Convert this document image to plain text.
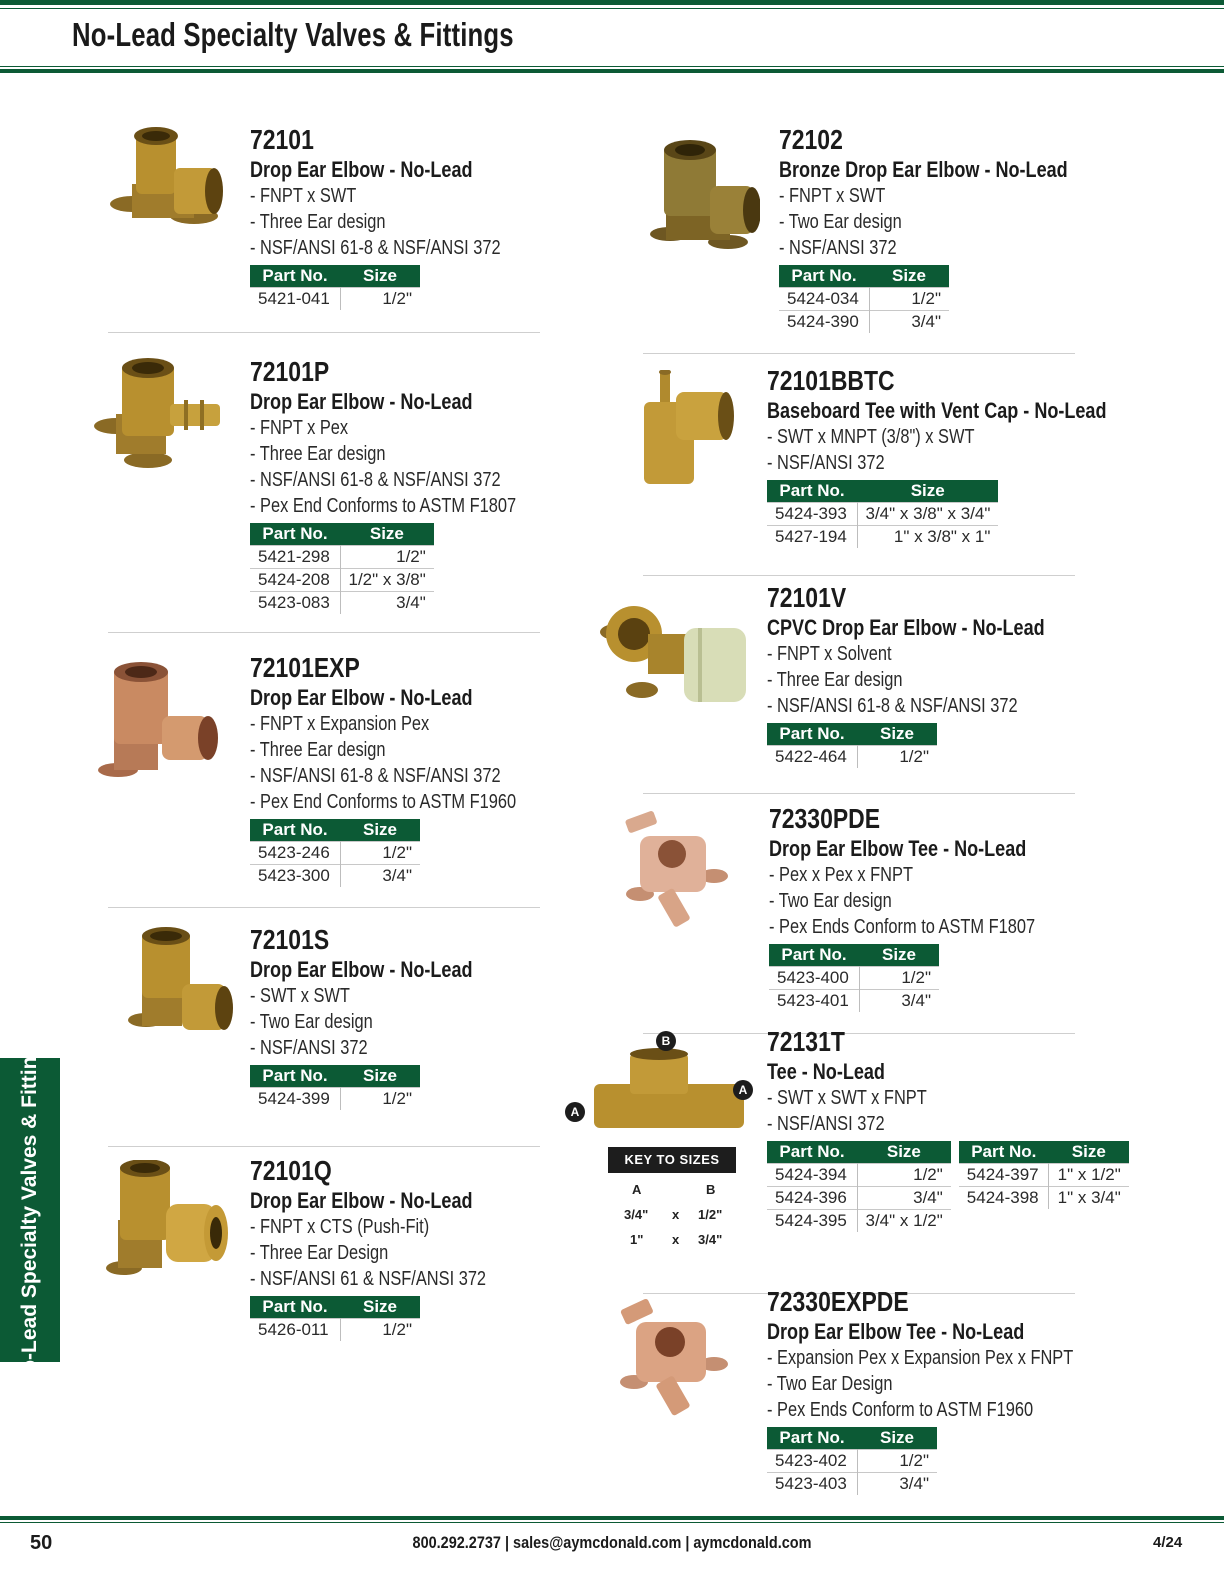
No-Lead Specialty Valves & Fittings
No-Lead Specialty Valves & Fittings	B
A
A
KEY TO SIZES
A	B
3/4" x 1/2"
1" x 3/4"
72101
Drop Ear Elbow - No-Lead
- FNPT x SWT
- Three Ear design
- NSF/ANSI 61-8 & NSF/ANSI 372
Part No.	Size
5421-041	1/2"
72101P
Drop Ear Elbow - No-Lead
- FNPT x Pex
- Three Ear design
- NSF/ANSI 61-8 & NSF/ANSI 372
- Pex End Conforms to ASTM F1807
Part No.	Size
5421-298	1/2"
5424-208	1/2" x 3/8"
5423-083	3/4"
72101EXP
Drop Ear Elbow - No-Lead
- FNPT x Expansion Pex
- Three Ear design
- NSF/ANSI 61-8 & NSF/ANSI 372
- Pex End Conforms to ASTM F1960
Part No.	Size
5423-246	1/2"
5423-300	3/4"
72101S
Drop Ear Elbow - No-Lead
- SWT x SWT
- Two Ear design
- NSF/ANSI 372
Part No.	Size
5424-399	1/2"
72101Q
Drop Ear Elbow - No-Lead
- FNPT x CTS (Push-Fit)
- Three Ear Design
- NSF/ANSI 61 & NSF/ANSI 372
Part No.	Size
5426-011	1/2"
72102
Bronze Drop Ear Elbow - No-Lead
- FNPT x SWT
- Two Ear design
- NSF/ANSI 372
Part No.	Size
5424-034	1/2"
5424-390	3/4"
72101BBTC
Baseboard Tee with Vent Cap - No-Lead
- SWT x MNPT (3/8") x SWT
- NSF/ANSI 372
Part No.	Size
5424-393	3/4" x 3/8" x 3/4"
5427-194	1" x 3/8" x 1"
72101V
CPVC Drop Ear Elbow - No-Lead
- FNPT x Solvent
- Three Ear design
- NSF/ANSI 61-8 & NSF/ANSI 372
Part No.	Size
5422-464	1/2"
72330PDE
Drop Ear Elbow Tee - No-Lead
- Pex x Pex x FNPT
- Two Ear design
- Pex Ends Conform to ASTM F1807
Part No.	Size
5423-400	1/2"
5423-401	3/4"
72131T
Tee - No-Lead
- SWT x SWT x FNPT
- NSF/ANSI 372
Part No.	Size
5424-394	1/2"
5424-396	3/4"
5424-395	3/4" x 1/2"
Part No.	Size
5424-397	1" x 1/2"
5424-398	1" x 3/4"
72330EXPDE
Drop Ear Elbow Tee - No-Lead
- Expansion Pex x Expansion Pex x FNPT
- Two Ear Design
- Pex Ends Conform to ASTM F1960
Part No.	Size
5423-402	1/2"
5423-403	3/4"
50	800.292.2737 | sales@aymcdonald.com | aymcdonald.com	4/24
